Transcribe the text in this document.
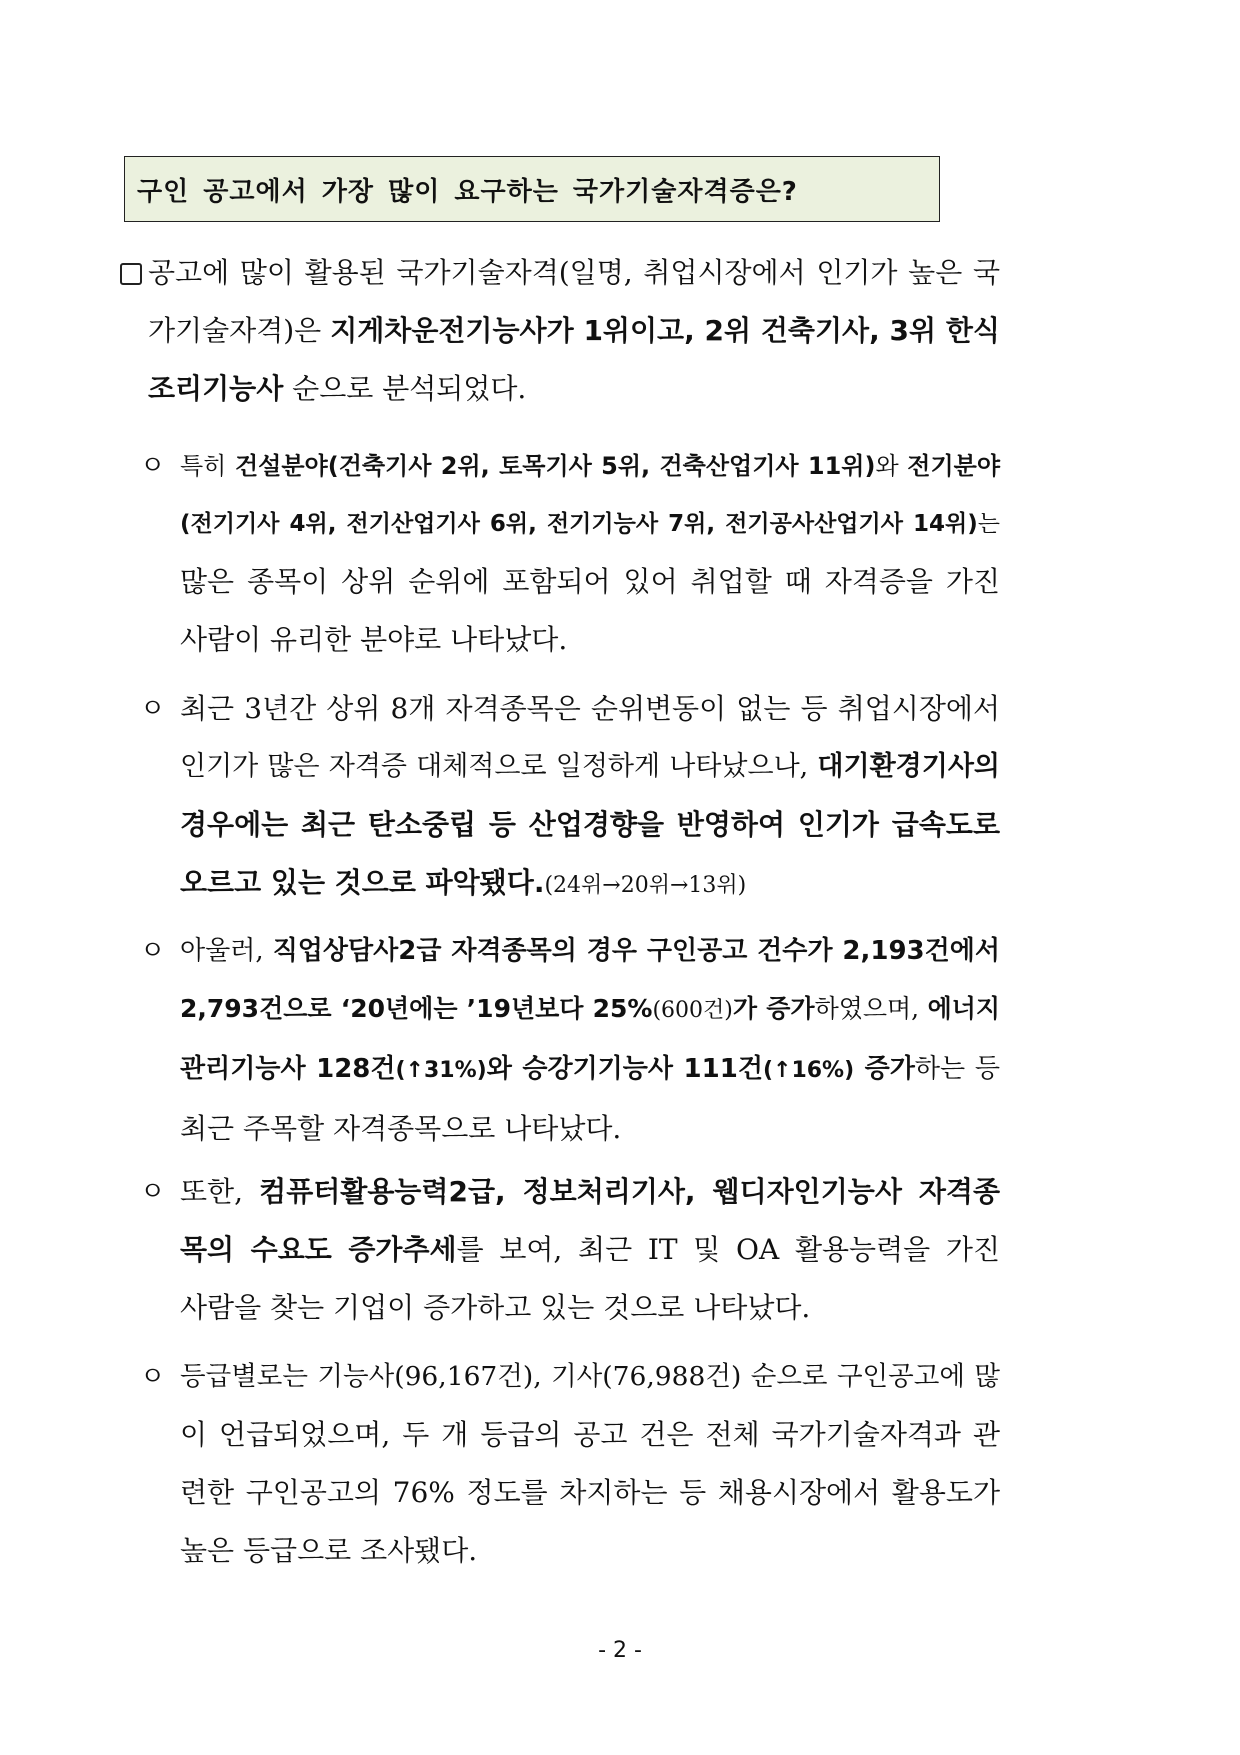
구인 공고에서 가장 많이 요구하는 국가기술자격증은?
공고에 많이 활용된 국가기술자격(일명, 취업시장에서 인기가 높은 국
가기술자격)은 지게차운전기능사가 1위이고, 2위 건축기사, 3위 한식
조리기능사 순으로 분석되었다.
ㅇ 특히 건설분야(건축기사 2위, 토목기사 5위, 건축산업기사 11위)와 전기분야
(전기기사 4위, 전기산업기사 6위, 전기기능사 7위, 전기공사산업기사 14위)는
많은 종목이 상위 순위에 포함되어 있어 취업할 때 자격증을 가진
사람이 유리한 분야로 나타났다.
ㅇ 최근 3년간 상위 8개 자격종목은 순위변동이 없는 등 취업시장에서
인기가 많은 자격증 대체적으로 일정하게 나타났으나, 대기환경기사의
경우에는 최근 탄소중립 등 산업경향을 반영하여 인기가 급속도로
오르고 있는 것으로 파악됐다.(24위→20위→13위)
ㅇ 아울러, 직업상담사2급 자격종목의 경우 구인공고 건수가 2,193건에서
2,793건으로 ‘20년에는 ’19년보다 25%(600건)가 증가하였으며, 에너지
관리기능사 128건(↑31%)와 승강기기능사 111건(↑16%) 증가하는 등
최근 주목할 자격종목으로 나타났다.
ㅇ 또한, 컴퓨터활용능력2급, 정보처리기사, 웹디자인기능사 자격종
목의 수요도 증가추세를 보여, 최근 IT 및 OA 활용능력을 가진
사람을 찾는 기업이 증가하고 있는 것으로 나타났다.
ㅇ 등급별로는 기능사(96,167건), 기사(76,988건) 순으로 구인공고에 많
이 언급되었으며, 두 개 등급의 공고 건은 전체 국가기술자격과 관
련한 구인공고의 76% 정도를 차지하는 등 채용시장에서 활용도가
높은 등급으로 조사됐다.
- 2 -
